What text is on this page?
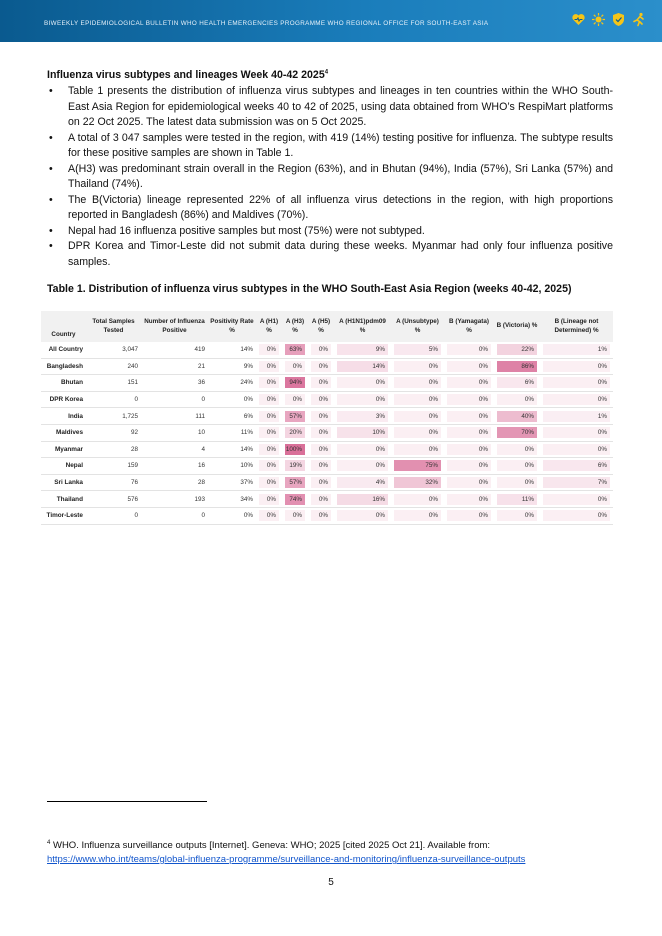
BIWEEKLY EPIDEMIOLOGICAL BULLETIN WHO HEALTH EMERGENCIES PROGRAMME WHO REGIONAL OFFICE FOR SOUTH-EAST ASIA
Influenza virus subtypes and lineages Week 40-42 2025$^4$
• Table 1 presents the distribution of influenza virus subtypes and lineages in ten countries within the WHO South-East Asia Region for epidemiological weeks 40 to 42 of 2025, using data obtained from WHO’s RespiMart platforms on 22 Oct 2025. The latest data submission was on 5 Oct 2025.
• A total of 3 047 samples were tested in the region, with 419 (14%) testing positive for influenza. The subtype results for these positive samples are shown in Table 1.
• A(H3) was predominant strain overall in the Region (63%), and in Bhutan (94%), India (57%), Sri Lanka (57%) and Thailand (74%).
• The B(Victoria) lineage represented 22% of all influenza virus detections in the region, with high proportions reported in Bangladesh (86%) and Maldives (70%).
• Nepal had 16 influenza positive samples but most (75%) were not subtyped.
• DPR Korea and Timor-Leste did not submit data during these weeks. Myanmar had only four influenza positive samples.
Table 1. Distribution of influenza virus subtypes in the WHO South-East Asia Region (weeks 40-42, 2025)
Country	Total Samples Tested	Number of Influenza Positive	Positivity Rate %	A (H1) %	A (H3) %	A (H5) %	A (H1N1)pdm09 %	A (Unsubtype) %	B (Yamagata) %	B (Victoria) %	B (Lineage not Determined) %
All Country	3,047	419	14%	0%	63%	0%	9%	5%	0%	22%	1%

Bangladesh	240	21	9%	0%	0%	0%	14%	0%	0%	86%	0%

Bhutan	151	36	24%	0%	94%	0%	0%	0%	0%	6%	0%

DPR Korea	0	0	0%	0%	0%	0%	0%	0%	0%	0%	0%

India	1,725	111	6%	0%	57%	0%	3%	0%	0%	40%	1%

Maldives	92	10	11%	0%	20%	0%	10%	0%	0%	70%	0%

Myanmar	28	4	14%	0%	100%	0%	0%	0%	0%	0%	0%

Nepal	159	16	10%	0%	19%	0%	0%	75%	0%	0%	6%

Sri Lanka	76	28	37%	0%	57%	0%	4%	32%	0%	0%	7%

Thailand	576	193	34%	0%	74%	0%	16%	0%	0%	11%	0%

Timor-Leste	0	0	0%	0%	0%	0%	0%	0%	0%	0%	0%
$^4$ WHO. Influenza surveillance outputs [Internet]. Geneva: WHO; 2025 [cited 2025 Oct 21]. Available from:
https://www.who.int/teams/global-influenza-programme/surveillance-and-monitoring/influenza-surveillance-outputs
5
